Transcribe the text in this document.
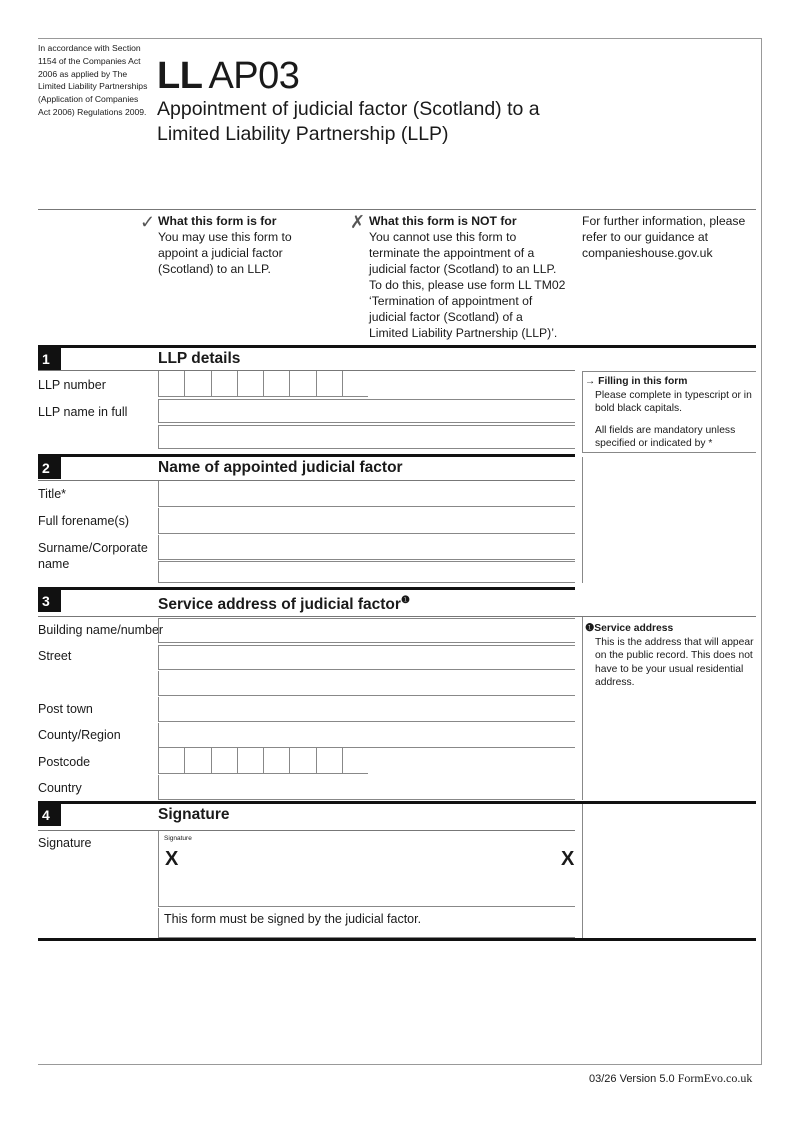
In accordance with Section 1154 of the Companies Act 2006 as applied by The Limited Liability Partnerships (Application of Companies Act 2006) Regulations 2009.
LL AP03
Appointment of judicial factor (Scotland) to a
Limited Liability Partnership (LLP)
✓ What this form is for
You may use this form to
appoint a judicial factor
(Scotland) to an LLP.
✗ What this form is NOT for
You cannot use this form to
terminate the appointment of a
judicial factor (Scotland) to an LLP.
To do this, please use form LL TM02
‘Termination of appointment of
judicial factor (Scotland) of a
Limited Liability Partnership (LLP)’.
For further information, please
refer to our guidance at
companieshouse.gov.uk
1	LLP details
LLP number
LLP name in full
→ Filling in this form
Please complete in typescript or in
bold black capitals.
All fields are mandatory unless
specified or indicated by *
2	Name of appointed judicial factor
Title*
Full forename(s)
Surname/Corporate
name
3	Service address of judicial factor$^❶$
❶Service address
This is the address that will appear
on the public record. This does not
have to be your usual residential
address.
Building name/number
Street
Post town
County/Region
Postcode
Country
4	Signature
Signature	Signature
X	X
This form must be signed by the judicial factor.
03/26 Version 5.0 FormEvo.co.uk
